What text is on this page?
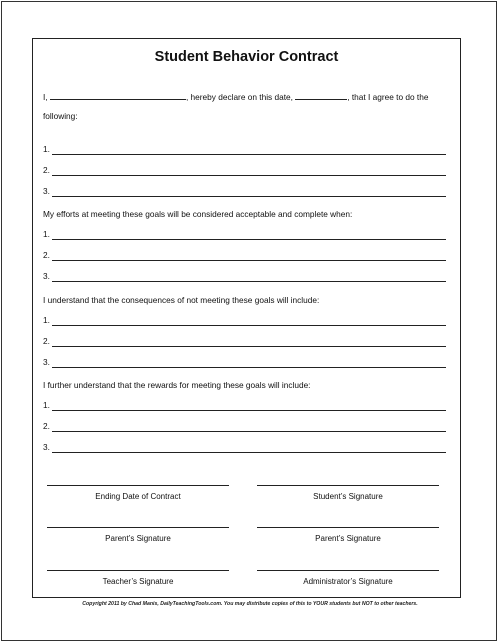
Student Behavior Contract
I,	, hereby declare on this date,	, that I agree to do the
following:
1.
2.
3.
My efforts at meeting these goals will be considered acceptable and complete when:
1.
2.
3.
I understand that the consequences of not meeting these goals will include:
1.
2.
3.
I further understand that the rewards for meeting these goals will include:
1.
2.
3.
Ending Date of Contract	Student’s Signature
Parent’s Signature	Parent’s Signature
Teacher’s Signature	Administrator’s Signature
Copyright 2011 by Chad Manis, DailyTeachingTools.com. You may distribute copies of this to YOUR students but NOT to other teachers.
